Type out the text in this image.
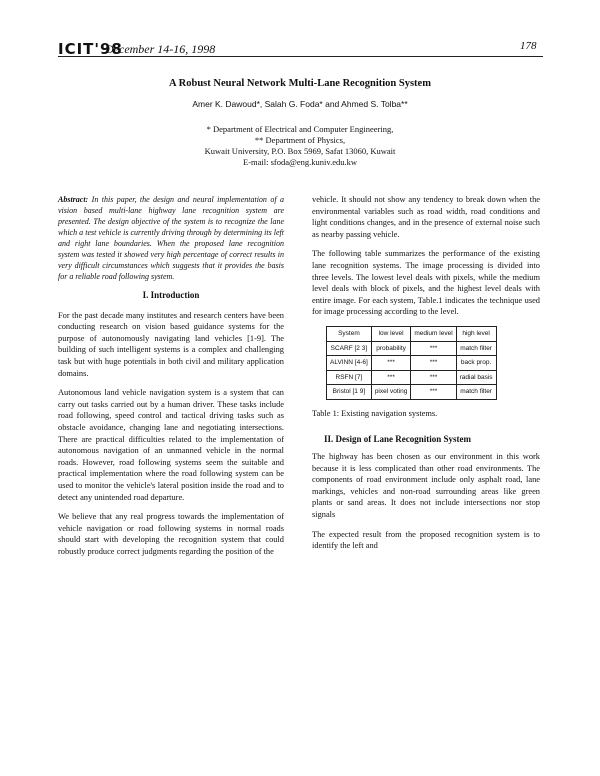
ICIT'98
December 14-16, 1998	178
A Robust Neural Network Multi-Lane Recognition System
Amer K. Dawoud*, Salah G. Foda* and Ahmed S. Tolba**
* Department of Electrical and Computer Engineering,
** Department of Physics,
Kuwait University, P.O. Box 5969, Safat 13060, Kuwait
E-mail: sfoda@eng.kuniv.edu.kw

Abstract: In this paper, the design and neural implementation of a vision based multi-lane highway lane recognition system are presented. The design objective of the system is to recognize the lane which a test vehicle is currently driving through by determining its left and right lane boundaries. When the proposed lane recognition system was tested it showed very high percentage of correct results in very difficult circumstances which suggests that it provides the basis for a reliable road following system.

I. Introduction

For the past decade many institutes and research centers have been conducting research on vision based guidance systems for the purpose of autonomously navigating land vehicles [1-9]. The building of such intelligent systems is a complex and challenging task but with huge potentials in both civil and military application domains.

Autonomous land vehicle navigation system is a system that can carry out tasks carried out by a human driver. These tasks include road following, speed control and tactical driving tasks such as obstacle avoidance, changing lane and negotiating intersections. There are practical difficulties related to the implementation of autonomous navigation of an unmanned vehicle in the normal roads. However, road following systems seem the suitable and practical implementation where the road following system can be used to monitor the vehicle's lateral position inside the road and to detect any unintended road departure.

We believe that any real progress towards the implementation of vehicle navigation or road following systems in normal roads should start with developing the recognition system that could robustly produce correct judgments regarding the position of the

vehicle. It should not show any tendency to break down when the environmental variables such as road width, road conditions and light conditions changes, and in the presence of external noise such as nearby passing vehicle.

The following table summarizes the performance of the existing lane recognition systems. The image processing is divided into three levels. The lowest level deals with pixels, while the medium level deals with block of pixels, and the highest level deals with entire image. For each system, Table.1 indicates the technique used for image processing according to the level.

System	low level	medium level	high level
SCARF [2 3]	probability	***	match filter
ALVINN [4-6]	***	***	back prop.
RSFN [7]	***	***	radial basis
Bristol [1 9]	pixel voting	***	match filter
Table 1: Existing navigation systems.
II. Design of Lane Recognition System

The highway has been chosen as our environment in this work because it is less complicated than other road environments. The components of road environment include only asphalt road, lane markings, vehicles and non-road surrounding areas like green plants or sand areas. It does not include intersections nor stop signals

The expected result from the proposed recognition system is to identify the left and
